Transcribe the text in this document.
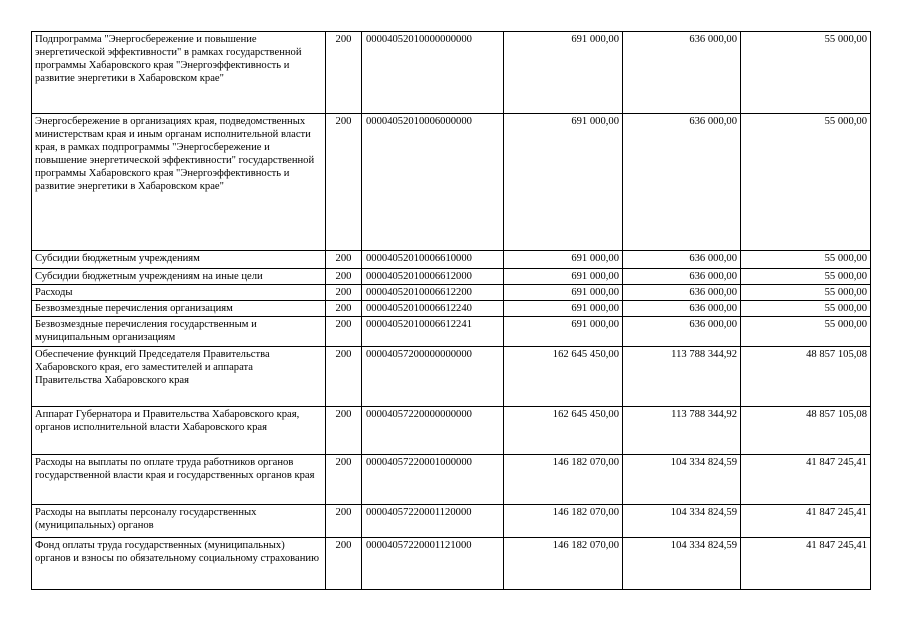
Подпрограмма "Энергосбережение и повышение энергетической эффективности" в рамках государственной программы Хабаровского края "Энергоэффективность и развитие энергетики в Хабаровском крае"	200	00004052010000000000	691 000,00	636 000,00	55 000,00
Энергосбережение в организациях края, подведомственных министерствам края и иным органам исполнительной власти края, в рамках подпрограммы "Энергосбережение и повышение энергетической эффективности" государственной программы Хабаровского края "Энергоэффективность и развитие энергетики в Хабаровском крае"	200	00004052010006000000	691 000,00	636 000,00	55 000,00
Субсидии бюджетным учреждениям	200	00004052010006610000	691 000,00	636 000,00	55 000,00
Субсидии бюджетным учреждениям на иные цели	200	00004052010006612000	691 000,00	636 000,00	55 000,00
Расходы	200	00004052010006612200	691 000,00	636 000,00	55 000,00
Безвозмездные перечисления организациям	200	00004052010006612240	691 000,00	636 000,00	55 000,00
Безвозмездные перечисления государственным и муниципальным организациям	200	00004052010006612241	691 000,00	636 000,00	55 000,00
Обеспечение функций Председателя Правительства Хабаровского края, его заместителей и аппарата Правительства Хабаровского края	200	00004057200000000000	162 645 450,00	113 788 344,92	48 857 105,08
Аппарат Губернатора и Правительства Хабаровского края, органов исполнительной власти Хабаровского края	200	00004057220000000000	162 645 450,00	113 788 344,92	48 857 105,08
Расходы на выплаты по оплате труда работников органов государственной власти края и государственных органов края	200	00004057220001000000	146 182 070,00	104 334 824,59	41 847 245,41
Расходы на выплаты персоналу государственных (муниципальных) органов	200	00004057220001120000	146 182 070,00	104 334 824,59	41 847 245,41
Фонд оплаты труда государственных (муниципальных) органов и взносы по обязательному социальному страхованию	200	00004057220001121000	146 182 070,00	104 334 824,59	41 847 245,41
